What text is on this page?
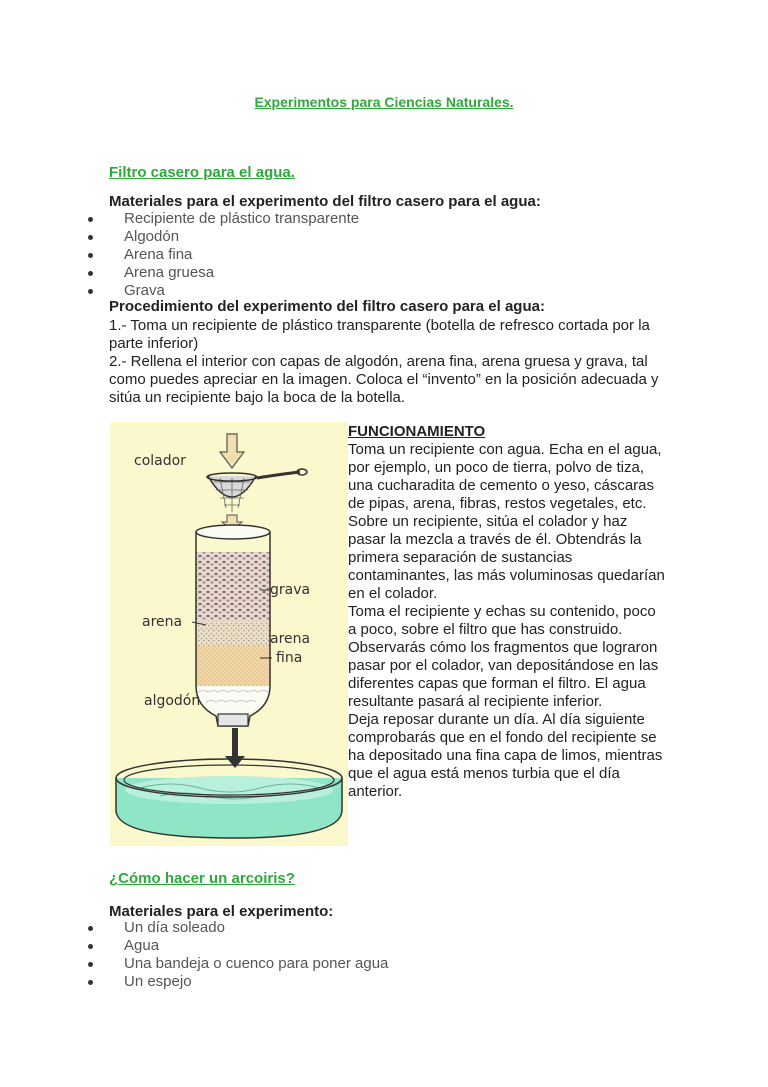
Experimentos para Ciencias Naturales.
Filtro casero para el agua.
Materiales para el experimento del filtro casero para el agua:
Recipiente de plástico transparente
Algodón
Arena fina
Arena gruesa
Grava
Procedimiento del experimento del filtro casero para el agua:

1.- Toma un recipiente de plástico transparente (botella de refresco cortada por la parte inferior)

2.- Rellena el interior con capas de algodón, arena fina, arena gruesa y grava, tal como puedes apreciar en la imagen. Coloca el “invento” en la posición adecuada y sitúa un recipiente bajo la boca de la botella.

colador
grava
arena
arena
fina
algodón
FUNCIONAMIENTO

Toma un recipiente con agua. Echa en el agua, por ejemplo, un poco de tierra, polvo de tiza, una cucharadita de cemento o yeso, cáscaras de pipas, arena, fibras, restos vegetales, etc.

Sobre un recipiente, sitúa el colador y haz pasar la mezcla a través de él. Obtendrás la primera separación de sustancias contaminantes, las más voluminosas quedarían en el colador.

Toma el recipiente y echas su contenido, poco a poco, sobre el filtro que has construido. Observarás cómo los fragmentos que lograron pasar por el colador, van depositándose en las diferentes capas que forman el filtro. El agua resultante pasará al recipiente inferior.

Deja reposar durante un día. Al día siguiente comprobarás que en el fondo del recipiente se ha depositado una fina capa de limos, mientras que el agua está menos turbia que el día anterior.

¿Cómo hacer un arcoiris?
Materiales para el experimento:
Un día soleado
Agua
Una bandeja o cuenco para poner agua
Un espejo
